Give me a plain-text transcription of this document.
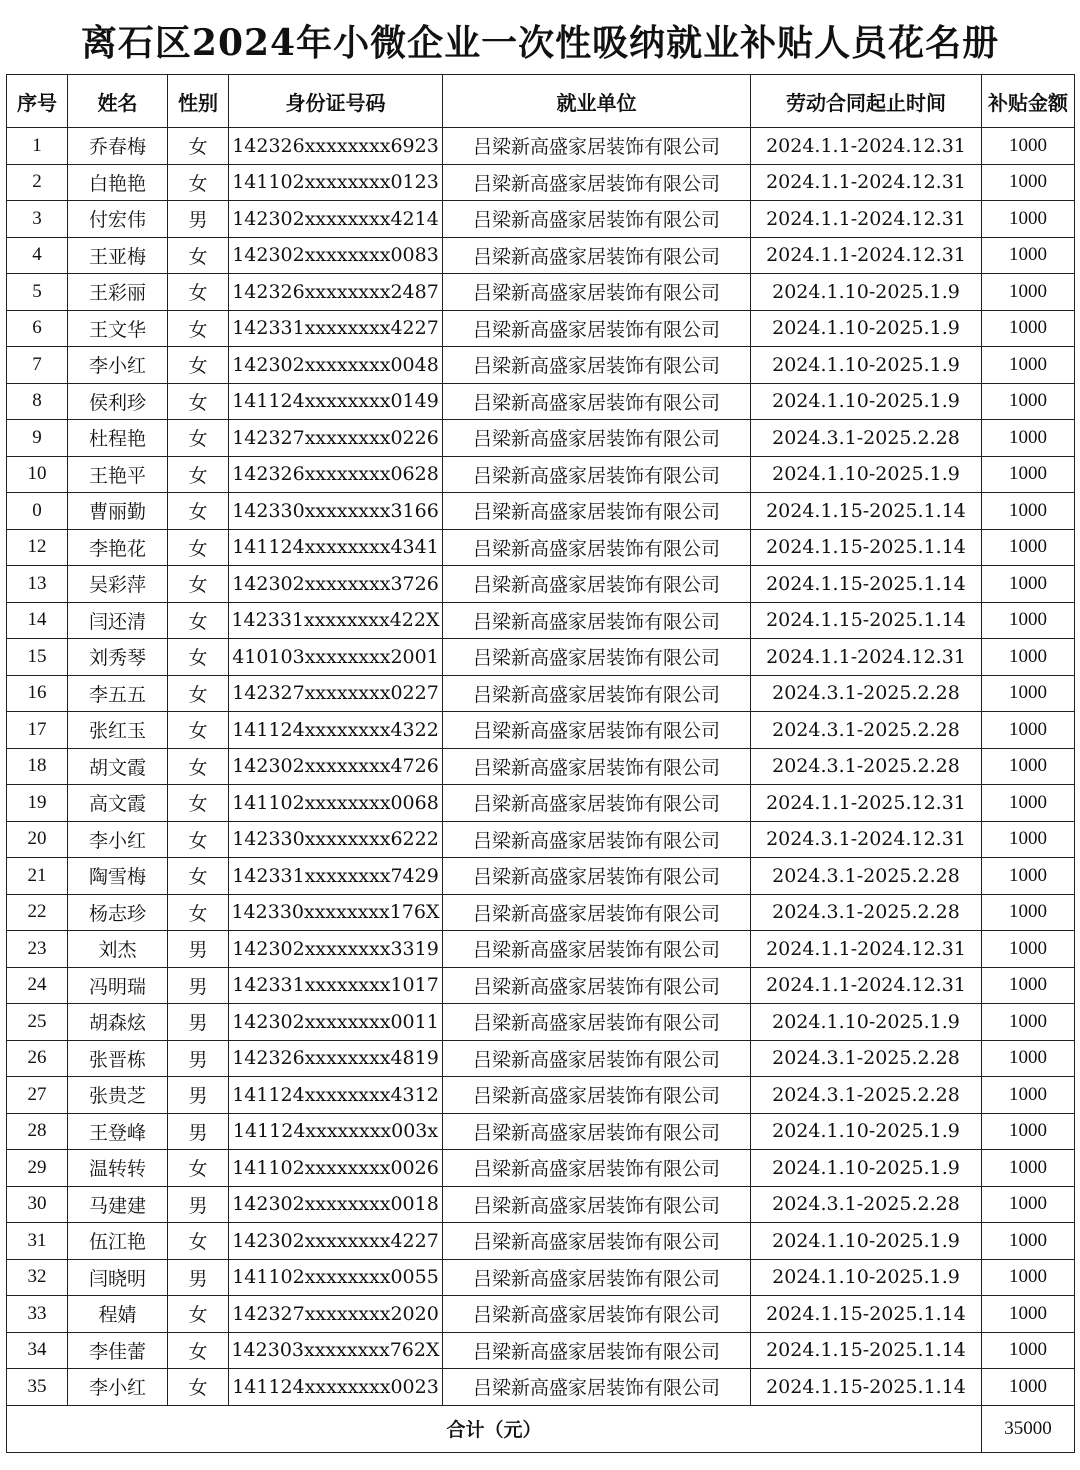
离石区2024年小微企业一次性吸纳就业补贴人员花名册
序号	姓名	性别	身份证号码	就业单位	劳动合同起止时间	补贴金额
1	乔春梅	女	142326xxxxxxxx6923	吕梁新高盛家居装饰有限公司	2024.1.1-2024.12.31	1000
2	白艳艳	女	141102xxxxxxxx0123	吕梁新高盛家居装饰有限公司	2024.1.1-2024.12.31	1000
3	付宏伟	男	142302xxxxxxxx4214	吕梁新高盛家居装饰有限公司	2024.1.1-2024.12.31	1000
4	王亚梅	女	142302xxxxxxxx0083	吕梁新高盛家居装饰有限公司	2024.1.1-2024.12.31	1000
5	王彩丽	女	142326xxxxxxxx2487	吕梁新高盛家居装饰有限公司	2024.1.10-2025.1.9	1000
6	王文华	女	142331xxxxxxxx4227	吕梁新高盛家居装饰有限公司	2024.1.10-2025.1.9	1000
7	李小红	女	142302xxxxxxxx0048	吕梁新高盛家居装饰有限公司	2024.1.10-2025.1.9	1000
8	侯利珍	女	141124xxxxxxxx0149	吕梁新高盛家居装饰有限公司	2024.1.10-2025.1.9	1000
9	杜程艳	女	142327xxxxxxxx0226	吕梁新高盛家居装饰有限公司	2024.3.1-2025.2.28	1000
10	王艳平	女	142326xxxxxxxx0628	吕梁新高盛家居装饰有限公司	2024.1.10-2025.1.9	1000
0	曹丽勤	女	142330xxxxxxxx3166	吕梁新高盛家居装饰有限公司	2024.1.15-2025.1.14	1000
12	李艳花	女	141124xxxxxxxx4341	吕梁新高盛家居装饰有限公司	2024.1.15-2025.1.14	1000
13	吴彩萍	女	142302xxxxxxxx3726	吕梁新高盛家居装饰有限公司	2024.1.15-2025.1.14	1000
14	闫还清	女	142331xxxxxxxx422X	吕梁新高盛家居装饰有限公司	2024.1.15-2025.1.14	1000
15	刘秀琴	女	410103xxxxxxxx2001	吕梁新高盛家居装饰有限公司	2024.1.1-2024.12.31	1000
16	李五五	女	142327xxxxxxxx0227	吕梁新高盛家居装饰有限公司	2024.3.1-2025.2.28	1000
17	张红玉	女	141124xxxxxxxx4322	吕梁新高盛家居装饰有限公司	2024.3.1-2025.2.28	1000
18	胡文霞	女	142302xxxxxxxx4726	吕梁新高盛家居装饰有限公司	2024.3.1-2025.2.28	1000
19	高文霞	女	141102xxxxxxxx0068	吕梁新高盛家居装饰有限公司	2024.1.1-2025.12.31	1000
20	李小红	女	142330xxxxxxxx6222	吕梁新高盛家居装饰有限公司	2024.3.1-2024.12.31	1000
21	陶雪梅	女	142331xxxxxxxx7429	吕梁新高盛家居装饰有限公司	2024.3.1-2025.2.28	1000
22	杨志珍	女	142330xxxxxxxx176X	吕梁新高盛家居装饰有限公司	2024.3.1-2025.2.28	1000
23	刘杰	男	142302xxxxxxxx3319	吕梁新高盛家居装饰有限公司	2024.1.1-2024.12.31	1000
24	冯明瑞	男	142331xxxxxxxx1017	吕梁新高盛家居装饰有限公司	2024.1.1-2024.12.31	1000
25	胡森炫	男	142302xxxxxxxx0011	吕梁新高盛家居装饰有限公司	2024.1.10-2025.1.9	1000
26	张晋栋	男	142326xxxxxxxx4819	吕梁新高盛家居装饰有限公司	2024.3.1-2025.2.28	1000
27	张贵芝	男	141124xxxxxxxx4312	吕梁新高盛家居装饰有限公司	2024.3.1-2025.2.28	1000
28	王登峰	男	141124xxxxxxxx003x	吕梁新高盛家居装饰有限公司	2024.1.10-2025.1.9	1000
29	温转转	女	141102xxxxxxxx0026	吕梁新高盛家居装饰有限公司	2024.1.10-2025.1.9	1000
30	马建建	男	142302xxxxxxxx0018	吕梁新高盛家居装饰有限公司	2024.3.1-2025.2.28	1000
31	伍江艳	女	142302xxxxxxxx4227	吕梁新高盛家居装饰有限公司	2024.1.10-2025.1.9	1000
32	闫晓明	男	141102xxxxxxxx0055	吕梁新高盛家居装饰有限公司	2024.1.10-2025.1.9	1000
33	程婧	女	142327xxxxxxxx2020	吕梁新高盛家居装饰有限公司	2024.1.15-2025.1.14	1000
34	李佳蕾	女	142303xxxxxxxx762X	吕梁新高盛家居装饰有限公司	2024.1.15-2025.1.14	1000
35	李小红	女	141124xxxxxxxx0023	吕梁新高盛家居装饰有限公司	2024.1.15-2025.1.14	1000
合计（元）						35000
